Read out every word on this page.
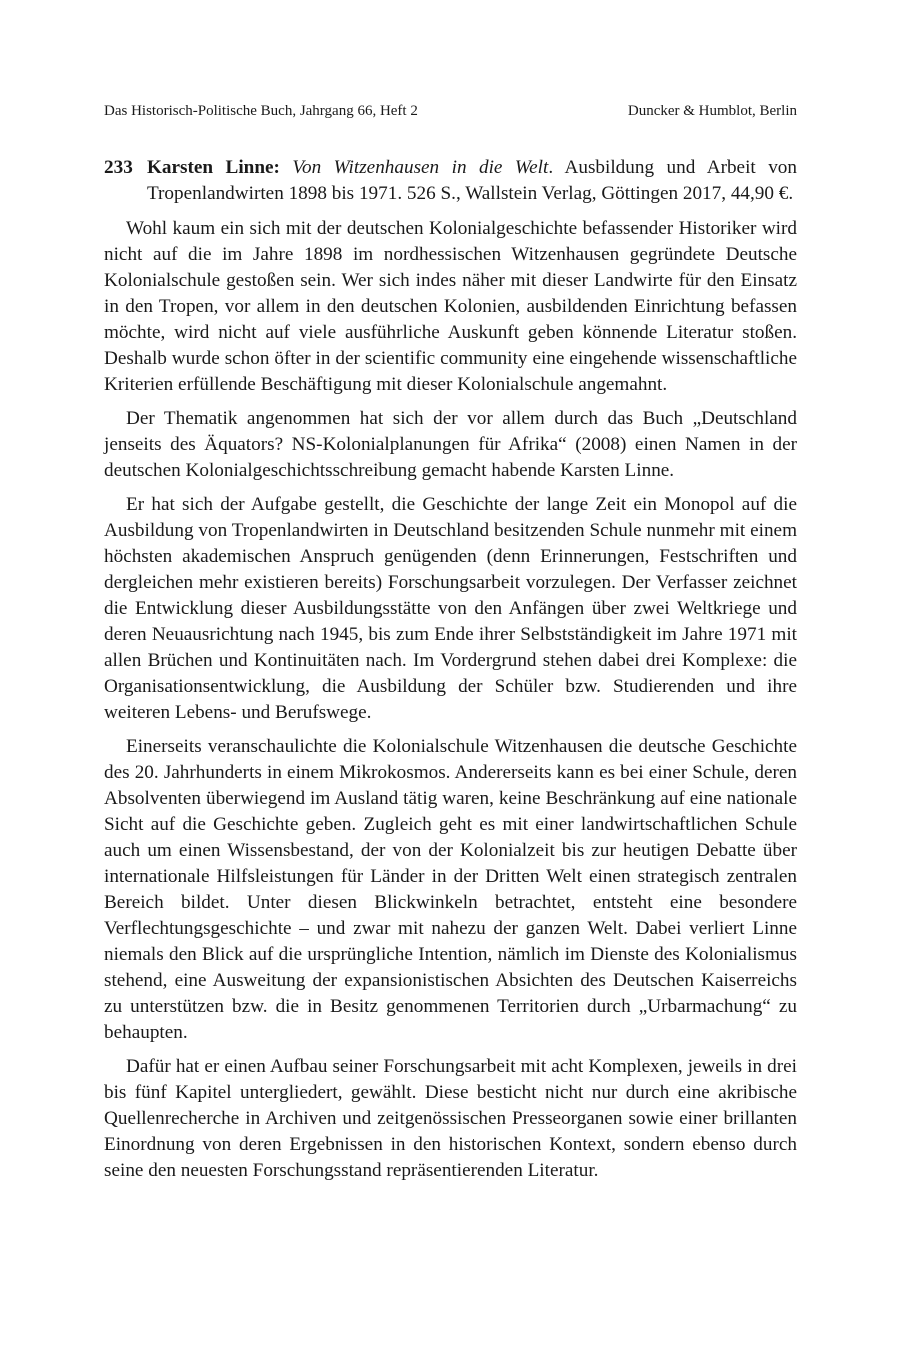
Das Historisch-Politische Buch, Jahrgang 66, Heft 2	Duncker & Humblot, Berlin

233 Karsten Linne: Von Witzenhausen in die Welt. Ausbildung und Arbeit von Tropenlandwirten 1898 bis 1971. 526 S., Wallstein Verlag, Göttingen 2017, 44,90 €.

Wohl kaum ein sich mit der deutschen Kolonialgeschichte befassender Historiker wird nicht auf die im Jahre 1898 im nordhessischen Witzenhausen gegründete Deutsche Kolonialschule gestoßen sein. Wer sich indes näher mit dieser Landwirte für den Einsatz in den Tropen, vor allem in den deutschen Kolonien, ausbildenden Einrichtung befassen möchte, wird nicht auf viele ausführliche Auskunft geben könnende Literatur stoßen. Deshalb wurde schon öfter in der scientific community eine eingehende wissenschaftliche Kriterien erfüllende Beschäftigung mit dieser Kolonialschule angemahnt.

Der Thematik angenommen hat sich der vor allem durch das Buch „Deutschland jenseits des Äquators? NS-Kolonialplanungen für Afrika“ (2008) einen Namen in der deutschen Kolonialgeschichtsschreibung gemacht habende Karsten Linne.

Er hat sich der Aufgabe gestellt, die Geschichte der lange Zeit ein Monopol auf die Ausbildung von Tropenlandwirten in Deutschland besitzenden Schule nunmehr mit einem höchsten akademischen Anspruch genügenden (denn Erinnerungen, Festschriften und dergleichen mehr existieren bereits) Forschungsarbeit vorzulegen. Der Verfasser zeichnet die Entwicklung dieser Ausbildungsstätte von den Anfängen über zwei Weltkriege und deren Neuausrichtung nach 1945, bis zum Ende ihrer Selbstständigkeit im Jahre 1971 mit allen Brüchen und Kontinuitäten nach. Im Vordergrund stehen dabei drei Komplexe: die Organisationsentwicklung, die Ausbildung der Schüler bzw. Studierenden und ihre weiteren Lebens- und Berufswege.

Einerseits veranschaulichte die Kolonialschule Witzenhausen die deutsche Geschichte des 20. Jahrhunderts in einem Mikrokosmos. Andererseits kann es bei einer Schule, deren Absolventen überwiegend im Ausland tätig waren, keine Beschränkung auf eine nationale Sicht auf die Geschichte geben. Zugleich geht es mit einer landwirtschaftlichen Schule auch um einen Wissensbestand, der von der Kolonialzeit bis zur heutigen Debatte über internationale Hilfsleistungen für Länder in der Dritten Welt einen strategisch zentralen Bereich bildet. Unter diesen Blickwinkeln betrachtet, entsteht eine besondere Verflechtungsgeschichte – und zwar mit nahezu der ganzen Welt. Dabei verliert Linne niemals den Blick auf die ursprüngliche Intention, nämlich im Dienste des Kolonialismus stehend, eine Ausweitung der expansionistischen Absichten des Deutschen Kaiserreichs zu unterstützen bzw. die in Besitz genommenen Territorien durch „Urbarmachung“ zu behaupten.

Dafür hat er einen Aufbau seiner Forschungsarbeit mit acht Komplexen, jeweils in drei bis fünf Kapitel untergliedert, gewählt. Diese besticht nicht nur durch eine akribische Quellenrecherche in Archiven und zeitgenössischen Presseorganen sowie einer brillanten Einordnung von deren Ergebnissen in den historischen Kontext, sondern ebenso durch seine den neuesten Forschungsstand repräsentierenden Literatur.
